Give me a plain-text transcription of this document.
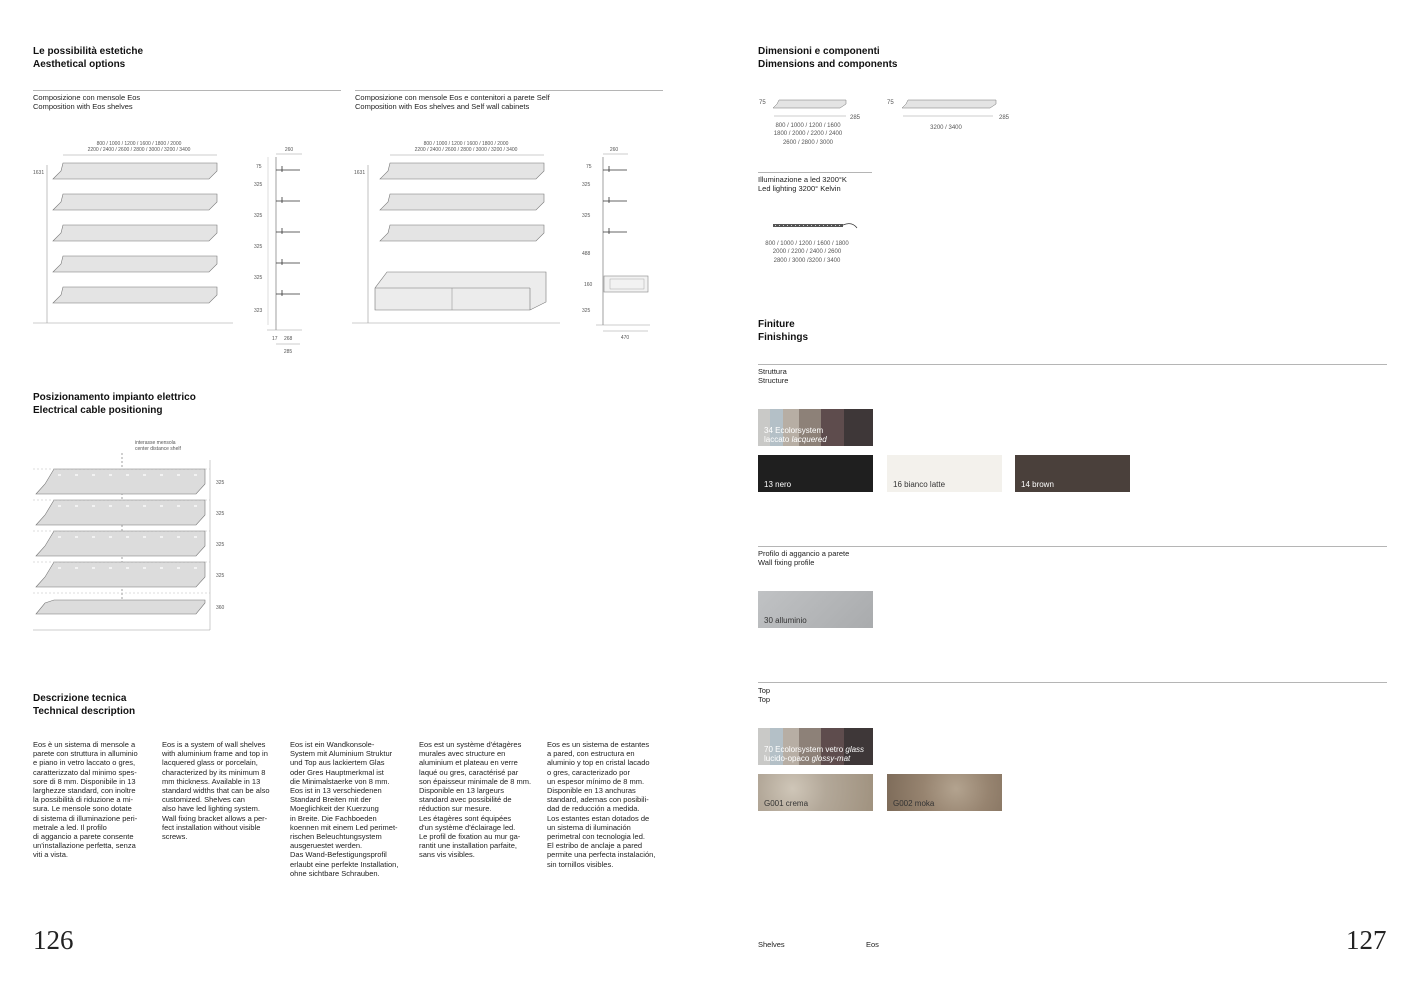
Le possibilità estetiche
Aesthetical options
Composizione con mensole Eos
Composition with Eos shelves
Composizione con mensole Eos e contenitori a parete Self
Composition with Eos shelves and Self wall cabinets
800 / 1000 / 1200 / 1600 / 1800 / 2000
2200 / 2400 / 2600 / 2800 / 3000 / 3200 / 3400
1631
260
75
325
325
325
325
323
17 268
285
800 / 1000 / 1200 / 1600 / 1800 / 2000
2200 / 2400 / 2600 / 2800 / 3000 / 3200 / 3400
1631
260
75
325
325
488
160
325
470
Posizionamento impianto elettrico
Electrical cable positioning
interasse mensola
center distance shelf
325
325
325
325
360
Descrizione tecnica
Technical description
Eos è un sistema di mensole a
parete con struttura in alluminio
e piano in vetro laccato o gres,
caratterizzato dal minimo spes-
sore di 8 mm. Disponibile in 13
larghezze standard, con inoltre
la possibilità di riduzione a mi-
sura. Le mensole sono dotate
di sistema di illuminazione peri-
metrale a led. Il profilo
di aggancio a parete consente
un'installazione perfetta, senza
viti a vista.
Eos is a system of wall shelves
with aluminium frame and top in
lacquered glass or porcelain,
characterized by its minimum 8
mm thickness. Available in 13
standard widths that can be also
customized. Shelves can
also have led lighting system.
Wall fixing bracket allows a per-
fect installation without visible
screws.
Eos ist ein Wandkonsole-
System mit Aluminium Struktur
und Top aus lackiertem Glas
oder Gres Hauptmerkmal ist
die Minimalstaerke von 8 mm.
Eos ist in 13 verschiedenen
Standard Breiten mit der
Moeglichkeit der Kuerzung
in Breite. Die Fachboeden
koennen mit einem Led perimet-
rischen Beleuchtungsystem
ausgeruestet werden.
Das Wand-Befestigungsprofil
erlaubt eine perfekte Installation,
ohne sichtbare Schrauben.
Eos est un système d'étagères
murales avec structure en
aluminium et plateau en verre
laqué ou gres, caractérisé par
son épaisseur minimale de 8 mm.
Disponible en 13 largeurs
standard avec possibilité de
réduction sur mesure.
Les étagères sont équipées
d'un système d'éclairage led.
Le profil de fixation au mur ga-
rantit une installation parfaite,
sans vis visibles.
Eos es un sistema de estantes
a pared, con estructura en
aluminio y top en cristal lacado
o gres, caracterizado por
un espesor mínimo de 8 mm.
Disponible en 13 anchuras
standard, ademas con posibili-
dad de reducción a medida.
Los estantes estan dotados de
un sistema di iluminación
perimetral con tecnologia led.
El estribo de anclaje a pared
permite una perfecta instalación,
sin tornillos visibles.
126
Dimensioni e componenti
Dimensions and components
75
285
800 / 1000 / 1200 / 1600
1800 / 2000 / 2200 / 2400
2600 / 2800 / 3000
75
285
3200 / 3400
Illuminazione a led 3200°K
Led lighting 3200° Kelvin
800 / 1000 / 1200 / 1600 / 1800
2000 / 2200 / 2400 / 2600
2800 / 3000 /3200 / 3400
Finiture
Finishings
Struttura
Structure
34 Ecolorsystem
laccato lacquered
13 nero	16 bianco latte	14 brown
Profilo di aggancio a parete
Wall fixing profile
30 alluminio
Top
Top
70 Ecolorsystem vetro glass
lucido-opaco glossy-mat
G001 crema	G002 moka
Shelves	Eos	127
